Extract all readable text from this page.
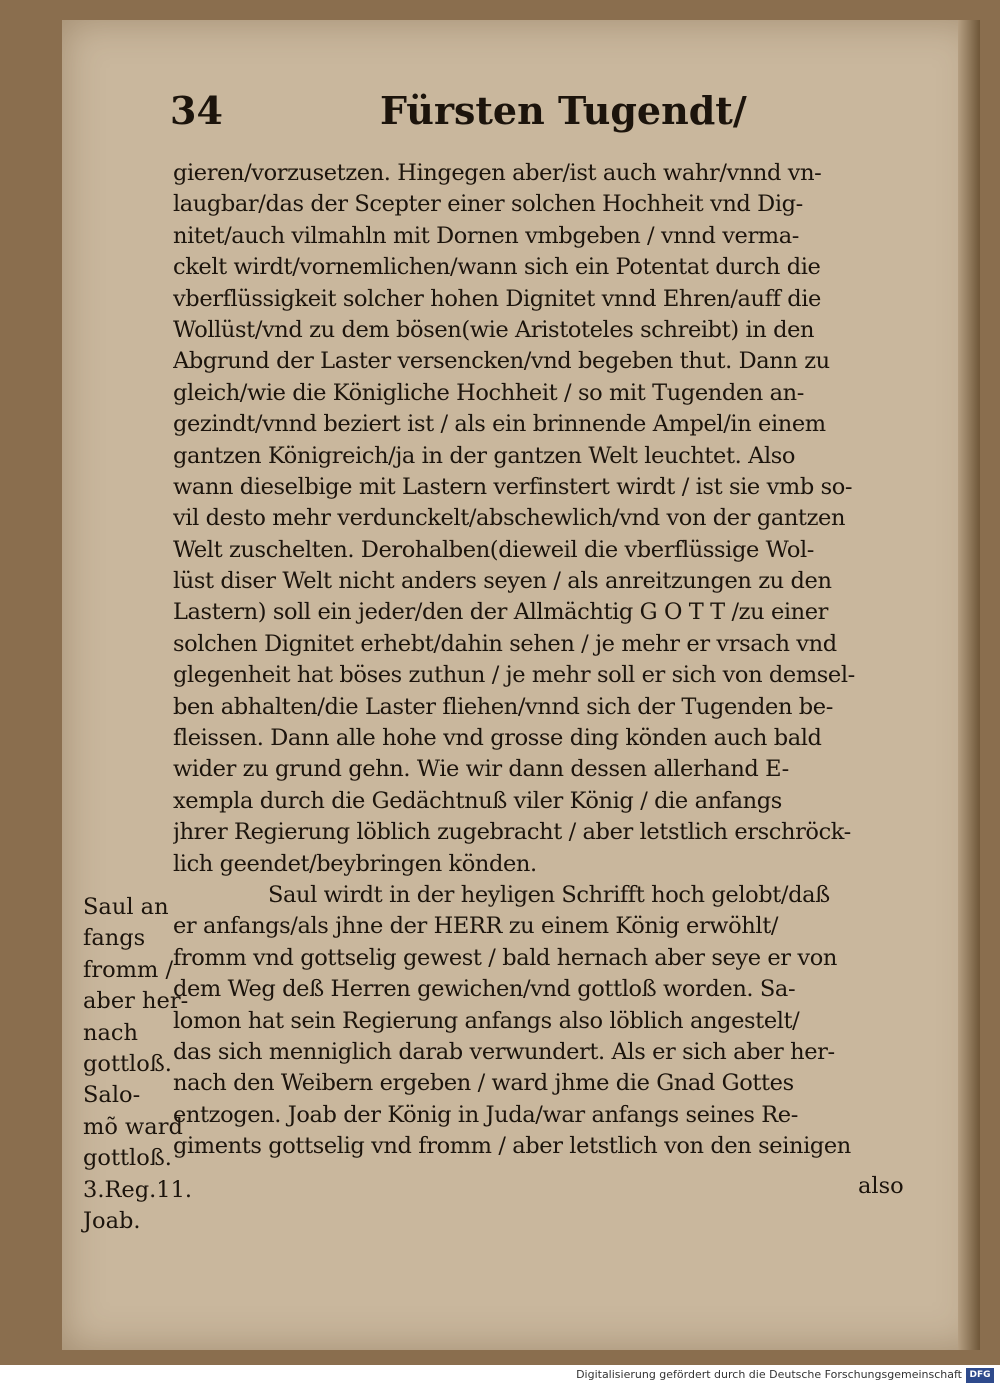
34	Fürsten Tugendt/
gieren/vorzusetzen. Hingegen aber/ist auch wahr/vnnd vn-
laugbar/das der Scepter einer solchen Hochheit vnd Dig-
nitet/auch vilmahln mit Dornen vmbgeben / vnnd verma-
ckelt wirdt/vornemlichen/wann sich ein Potentat durch die
vberflüssigkeit solcher hohen Dignitet vnnd Ehren/auff die
Wollüst/vnd zu dem bösen(wie Aristoteles schreibt) in den
Abgrund der Laster versencken/vnd begeben thut. Dann zu
gleich/wie die Königliche Hochheit / so mit Tugenden an-
gezindt/vnnd beziert ist / als ein brinnende Ampel/in einem
gantzen Königreich/ja in der gantzen Welt leuchtet. Also
wann dieselbige mit Lastern verfinstert wirdt / ist sie vmb so-
vil desto mehr verdunckelt/abschewlich/vnd von der gantzen
Welt zuschelten. Derohalben(dieweil die vberflüssige Wol-
lüst diser Welt nicht anders seyen / als anreitzungen zu den
Lastern) soll ein jeder/den der Allmächtig G O T T /zu einer
solchen Dignitet erhebt/dahin sehen / je mehr er vrsach vnd
glegenheit hat böses zuthun / je mehr soll er sich von demsel-
ben abhalten/die Laster fliehen/vnnd sich der Tugenden be-
fleissen. Dann alle hohe vnd grosse ding könden auch bald
wider zu grund gehn. Wie wir dann dessen allerhand E-
xempla durch die Gedächtnuß viler König / die anfangs
jhrer Regierung löblich zugebracht / aber letstlich erschröck-
lich geendet/beybringen könden.
Saul wirdt in der heyligen Schrifft hoch gelobt/daß
er anfangs/als jhne der HERR zu einem König erwöhlt/
fromm vnd gottselig gewest / bald hernach aber seye er von
dem Weg deß Herren gewichen/vnd gottloß worden. Sa-
lomon hat sein Regierung anfangs also löblich angestelt/
das sich menniglich darab verwundert. Als er sich aber her-
nach den Weibern ergeben / ward jhme die Gnad Gottes
entzogen. Joab der König in Juda/war anfangs seines Re-
giments gottselig vnd fromm / aber letstlich von den seinigen
Saul an
fangs
fromm /
aber her-
nach
gottloß.
Salo-
mõ ward
gottloß.
3.Reg.11.
Joab.
also
Digitalisierung gefördert durch die Deutsche Forschungsgemeinschaft DFG
